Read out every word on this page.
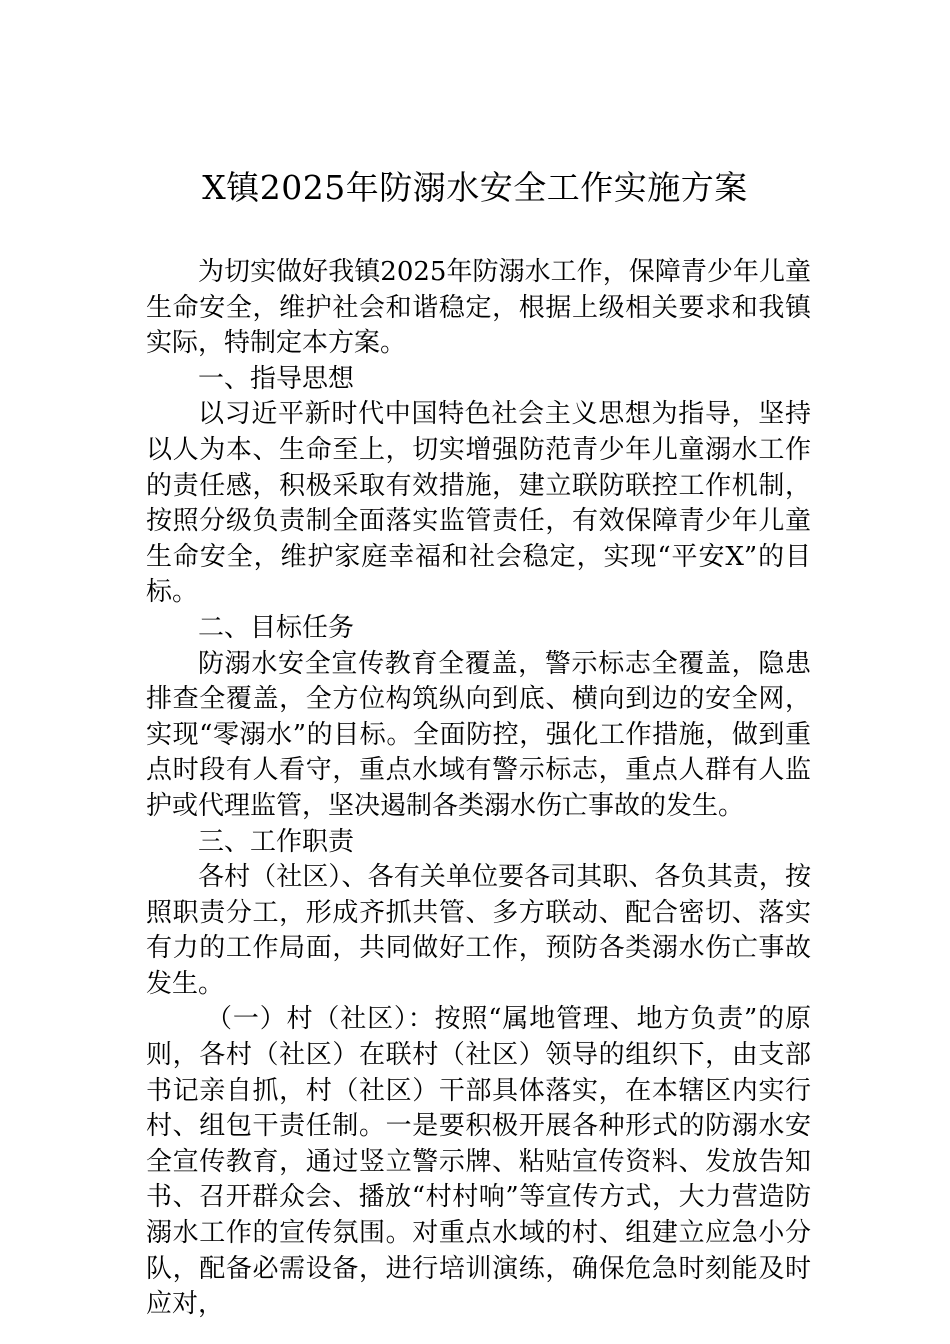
X镇2025年防溺水安全工作实施方案

为切实做好我镇2025年防溺水工作，保障青少年儿童生命安全，维护社会和谐稳定，根据上级相关要求和我镇实际，特制定本方案。

一、指导思想

以习近平新时代中国特色社会主义思想为指导，坚持以人为本、生命至上，切实增强防范青少年儿童溺水工作的责任感，积极采取有效措施，建立联防联控工作机制，按照分级负责制全面落实监管责任，有效保障青少年儿童生命安全，维护家庭幸福和社会稳定，实现“平安X”的目标。

二、目标任务

防溺水安全宣传教育全覆盖，警示标志全覆盖，隐患排查全覆盖，全方位构筑纵向到底、横向到边的安全网，实现“零溺水”的目标。全面防控，强化工作措施，做到重点时段有人看守，重点水域有警示标志，重点人群有人监护或代理监管，坚决遏制各类溺水伤亡事故的发生。

三、工作职责

各村（社区）、各有关单位要各司其职、各负其责，按照职责分工，形成齐抓共管、多方联动、配合密切、落实有力的工作局面，共同做好工作，预防各类溺水伤亡事故发生。

（一）村（社区）：按照“属地管理、地方负责”的原则，各村（社区）在联村（社区）领导的组织下，由支部书记亲自抓，村（社区）干部具体落实，在本辖区内实行村、组包干责任制。一是要积极开展各种形式的防溺水安全宣传教育，通过竖立警示牌、粘贴宣传资料、发放告知书、召开群众会、播放“村村响”等宣传方式，大力营造防溺水工作的宣传氛围。对重点水域的村、组建立应急小分队，配备必需设备，进行培训演练，确保危急时刻能及时应对，
